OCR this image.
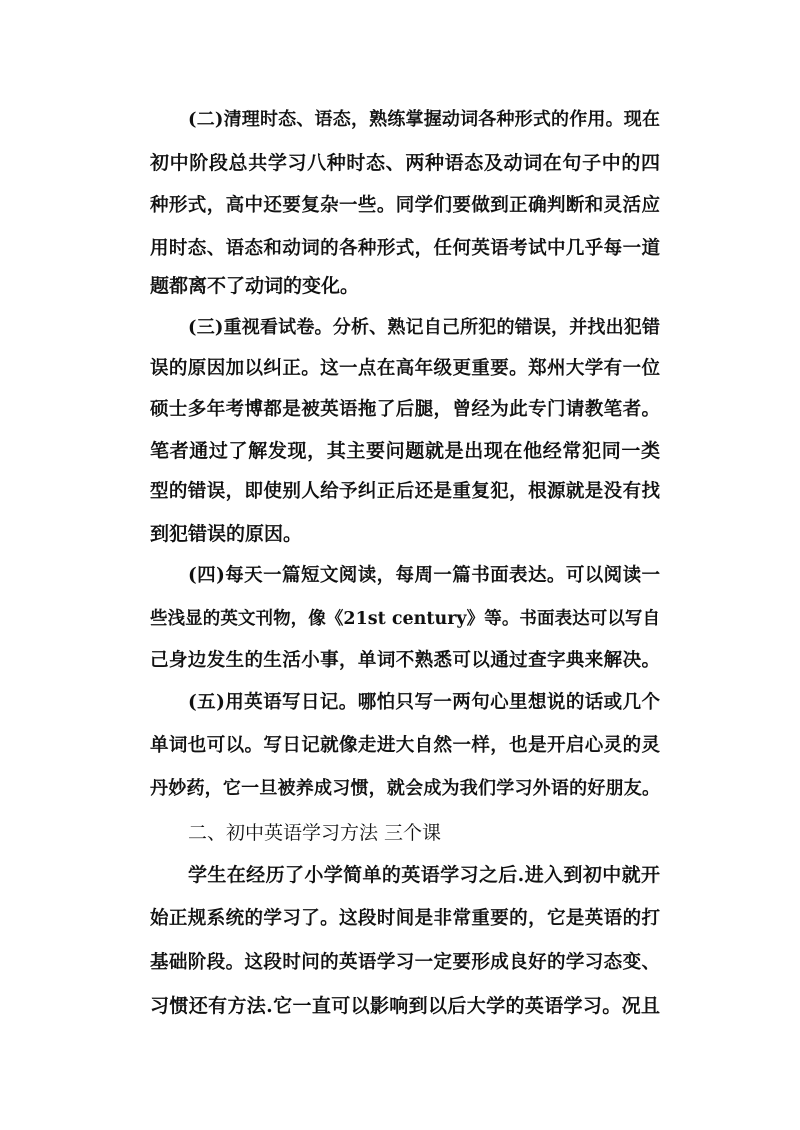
(二)清理时态、语态，熟练掌握动词各种形式的作用。现在
初中阶段总共学习八种时态、两种语态及动词在句子中的四
种形式，高中还要复杂一些。同学们要做到正确判断和灵活应
用时态、语态和动词的各种形式，任何英语考试中几乎每一道
题都离不了动词的变化。
(三)重视看试卷。分析、熟记自己所犯的错误，并找出犯错
误的原因加以纠正。这一点在高年级更重要。郑州大学有一位
硕士多年考博都是被英语拖了后腿，曾经为此专门请教笔者。
笔者通过了解发现，其主要问题就是出现在他经常犯同一类
型的错误，即使别人给予纠正后还是重复犯，根源就是没有找
到犯错误的原因。
(四)每天一篇短文阅读，每周一篇书面表达。可以阅读一
些浅显的英文刊物，像《21st century》等。书面表达可以写自
己身边发生的生活小事，单词不熟悉可以通过查字典来解决。
(五)用英语写日记。哪怕只写一两句心里想说的话或几个
单词也可以。写日记就像走进大自然一样，也是开启心灵的灵
丹妙药，它一旦被养成习惯，就会成为我们学习外语的好朋友。
二、初中英语学习方法 三个课
学生在经历了小学简单的英语学习之后.进入到初中就开
始正规系统的学习了。这段时间是非常重要的，它是英语的打
基础阶段。这段时问的英语学习一定要形成良好的学习态变、
习惯还有方法.它一直可以影响到以后大学的英语学习。况且
